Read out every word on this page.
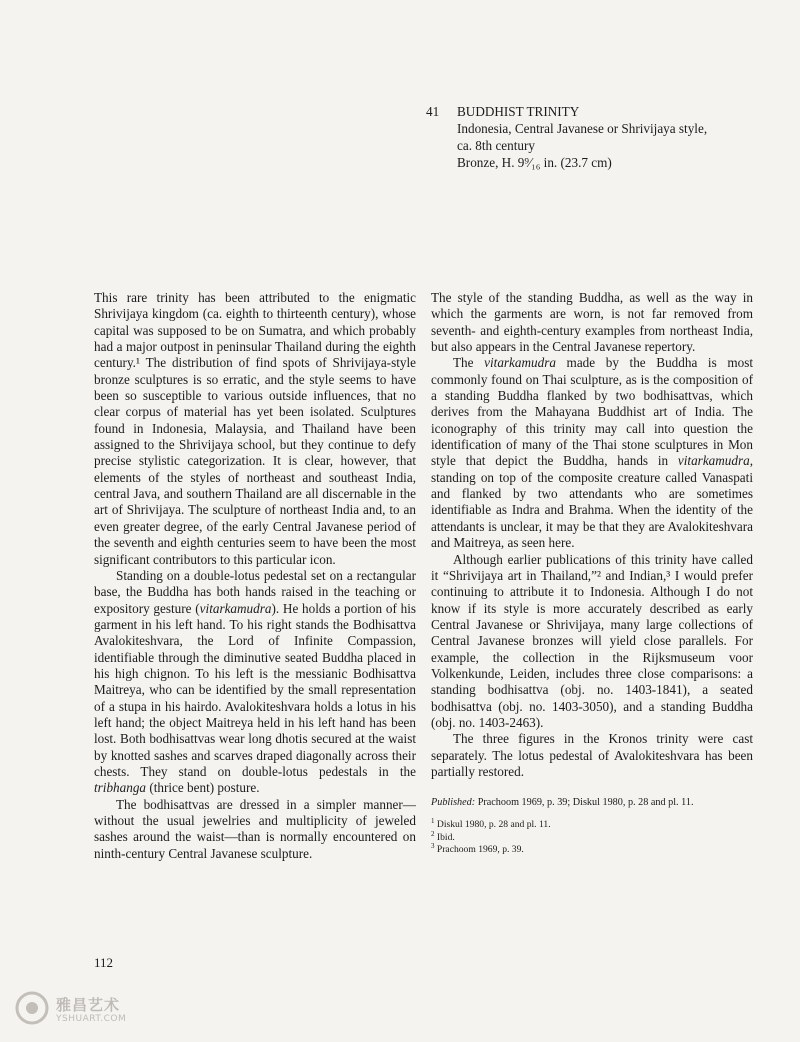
41 BUDDHIST TRINITY
Indonesia, Central Javanese or Shrivijaya style,
ca. 8th century
Bronze, H. 9⁹⁄₁₆ in. (23.7 cm)

This rare trinity has been attributed to the enigmatic Shrivijaya kingdom (ca. eighth to thirteenth century), whose capital was supposed to be on Sumatra, and which probably had a major outpost in peninsular Thailand during the eighth century.¹ The distribution of find spots of Shrivijaya-style bronze sculptures is so erratic, and the style seems to have been so susceptible to various outside influences, that no clear corpus of material has yet been isolated. Sculptures found in Indonesia, Malaysia, and Thailand have been assigned to the Shrivijaya school, but they continue to defy precise stylistic categorization. It is clear, however, that elements of the styles of northeast and southeast India, central Java, and southern Thailand are all discernable in the art of Shrivijaya. The sculpture of northeast India and, to an even greater degree, of the early Central Javanese period of the seventh and eighth centuries seem to have been the most significant contributors to this particular icon.

Standing on a double-lotus pedestal set on a rectangular base, the Buddha has both hands raised in the teaching or expository gesture (vitarkamudra). He holds a portion of his garment in his left hand. To his right stands the Bodhisattva Avalokiteshvara, the Lord of Infinite Compassion, identifiable through the diminutive seated Buddha placed in his high chignon. To his left is the messianic Bodhisattva Maitreya, who can be identified by the small representation of a stupa in his hairdo. Avalokiteshvara holds a lotus in his left hand; the object Maitreya held in his left hand has been lost. Both bodhisattvas wear long dhotis secured at the waist by knotted sashes and scarves draped diagonally across their chests. They stand on double-lotus pedestals in the tribhanga (thrice bent) posture.

The bodhisattvas are dressed in a simpler manner—without the usual jewelries and multiplicity of jeweled sashes around the waist—than is normally encountered on ninth-century Central Javanese sculpture.

The style of the standing Buddha, as well as the way in which the garments are worn, is not far removed from seventh- and eighth-century examples from northeast India, but also appears in the Central Javanese repertory.

The vitarkamudra made by the Buddha is most commonly found on Thai sculpture, as is the composition of a standing Buddha flanked by two bodhisattvas, which derives from the Mahayana Buddhist art of India. The iconography of this trinity may call into question the identification of many of the Thai stone sculptures in Mon style that depict the Buddha, hands in vitarkamudra, standing on top of the composite creature called Vanaspati and flanked by two attendants who are sometimes identifiable as Indra and Brahma. When the identity of the attendants is unclear, it may be that they are Avalokiteshvara and Maitreya, as seen here.

Although earlier publications of this trinity have called it “Shrivijaya art in Thailand,”² and Indian,³ I would prefer continuing to attribute it to Indonesia. Although I do not know if its style is more accurately described as early Central Javanese or Shrivijaya, many large collections of Central Javanese bronzes will yield close parallels. For example, the collection in the Rijksmuseum voor Volkenkunde, Leiden, includes three close comparisons: a standing bodhisattva (obj. no. 1403-1841), a seated bodhisattva (obj. no. 1403-3050), and a standing Buddha (obj. no. 1403-2463).

The three figures in the Kronos trinity were cast separately. The lotus pedestal of Avalokiteshvara has been partially restored.

Published: Prachoom 1969, p. 39; Diskul 1980, p. 28 and pl. 11.

$^1$ Diskul 1980, p. 28 and pl. 11.
$^2$ Ibid.
$^3$ Prachoom 1969, p. 39.
112
雅昌艺术
YSHUART.COM
